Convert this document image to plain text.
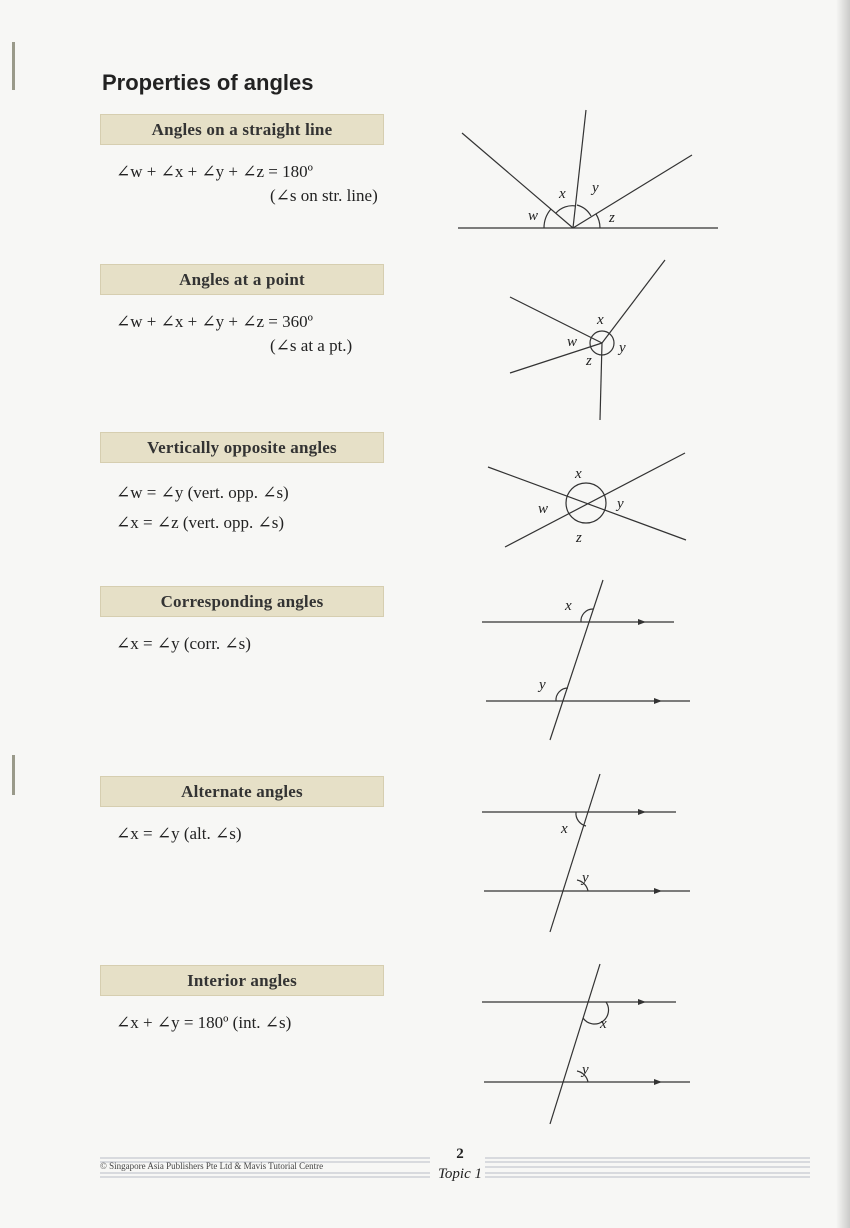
Properties of angles
Angles on a straight line
∠w + ∠x + ∠y + ∠z = 180º
(∠s on str. line)
w
x y
z
Angles at a point
∠w + ∠x + ∠y + ∠z = 360º
(∠s at a pt.)
x
w	y
z
Vertically opposite angles
∠w = ∠y (vert. opp. ∠s)
∠x = ∠z (vert. opp. ∠s)
x
w	y
z
Corresponding angles
∠x = ∠y (corr. ∠s)
x
y
Alternate angles
∠x = ∠y (alt. ∠s)	x
y
Interior angles
∠x + ∠y = 180º (int. ∠s)	x
y
© Singapore Asia Publishers Pte Ltd & Mavis Tutorial Centre
2
Topic 1
